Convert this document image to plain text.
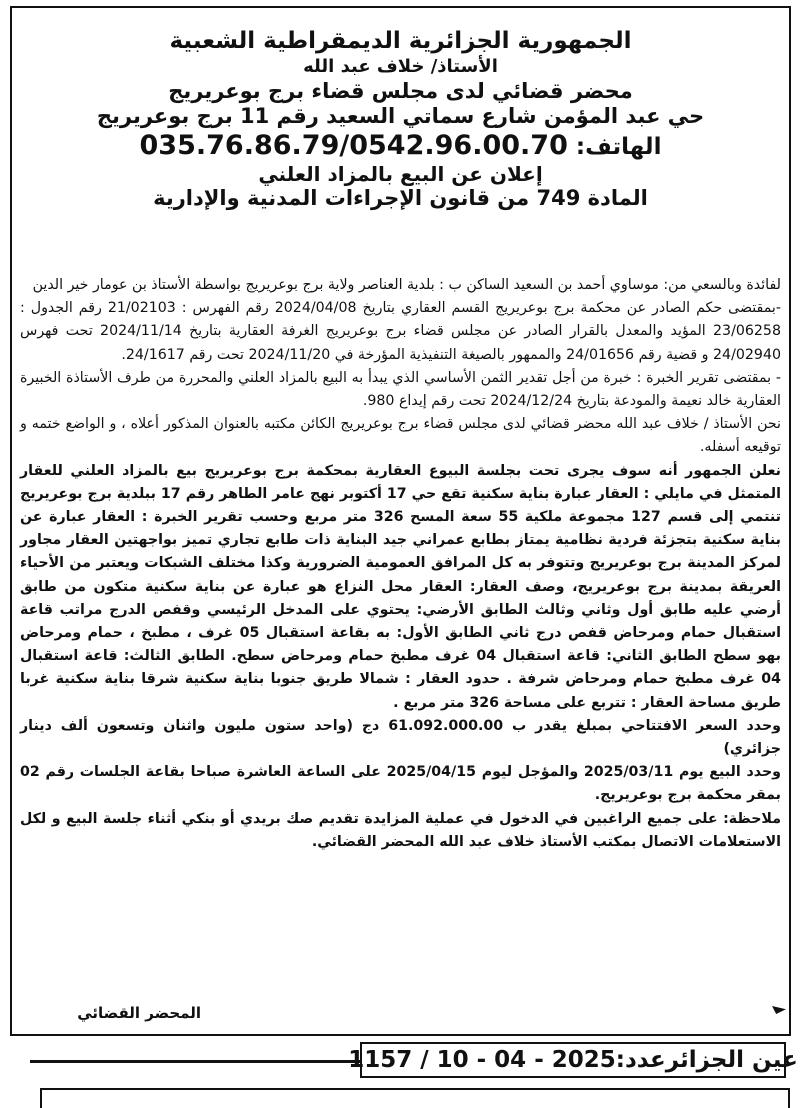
الجمهورية الجزائرية الديمقراطية الشعبية
الأستاذ/ خلاف عبد الله
محضر قضائي لدى مجلس قضاء برج بوعريريج
حي عبد المؤمن شارع سماتي السعيد رقم 11 برج بوعريريج
الهاتف: 035.76.86.79/0542.96.00.70
إعلان عن البيع بالمزاد العلني
المادة 749 من قانون الإجراءات المدنية والإدارية

لفائدة وبالسعي من: موساوي أحمد بن السعيد الساكن ب : بلدية العناصر ولاية برج بوعريريج بواسطة الأستاذ بن عومار خير الدين

-بمقتضى حكم الصادر عن محكمة برج بوعريريج القسم العقاري بتاريخ 2024/04/08 رقم الفهرس : 21/02103 رقم الجدول : 23/06258 المؤيد والمعدل بالقرار الصادر عن مجلس قضاء برج بوعريريج الغرفة العقارية بتاريخ 2024/11/14 تحت فهرس 24/02940 و قضية رقم 24/01656 والممهور بالصيغة التنفيذية المؤرخة في 2024/11/20 تحت رقم 24/1617.

- بمقتضى تقرير الخبرة : خبرة من أجل تقدير الثمن الأساسي الذي يبدأ به البيع بالمزاد العلني والمحررة من طرف الأستاذة الخبيرة العقارية خالد نعيمة والمودعة بتاريخ 2024/12/24 تحت رقم إيداع 980.

نحن الأستاذ / خلاف عبد الله محضر قضائي لدى مجلس قضاء برج بوعريريج الكائن مكتبه بالعنوان المذكور أعلاه ، و الواضع ختمه و توقيعه أسفله.

نعلن الجمهور أنه سوف يجرى تحت بجلسة البيوع العقارية بمحكمة برج بوعريريج بيع بالمزاد العلني للعقار المتمثل في مايلي : العقار عبارة بناية سكنية تقع حي 17 أكتوبر نهج عامر الطاهر رقم 17 ببلدية برج بوعريريج تنتمي إلى قسم 127 مجموعة ملكية 55 سعة المسح 326 متر مربع وحسب تقرير الخبرة : العقار عبارة عن بناية سكنية بتجزئة فردية نظامية يمتاز بطابع عمراني جيد البناية ذات طابع تجاري تميز بواجهتين العقار مجاور لمركز المدينة برج بوعريريج وتتوفر به كل المرافق العمومية الضرورية وكذا مختلف الشبكات ويعتبر من الأحياء العريقة بمدينة برج بوعريريج، وصف العقار: العقار محل النزاع هو عبارة عن بناية سكنية متكون من طابق أرضي عليه طابق أول وثاني وثالث الطابق الأرضي: يحتوي على المدخل الرئيسي وقفص الدرج مراتب قاعة استقبال حمام ومرحاض قفص درج ثاني الطابق الأول: به بقاعة استقبال 05 غرف ، مطبخ ، حمام ومرحاض بهو سطح الطابق الثاني: قاعة استقبال 04 غرف مطبخ حمام ومرحاض سطح. الطابق الثالث: قاعة استقبال 04 غرف مطبخ حمام ومرحاض شرفة . حدود العقار : شمالا طريق جنوبا بناية سكنية شرقا بناية سكنية غربا طريق مساحة العقار : تتربع على مساحة 326 متر مربع .

وحدد السعر الافتتاحي بمبلغ يقدر ب 61.092.000.00 دج (واحد ستون مليون واثنان وتسعون ألف دينار جزائري)

وحدد البيع يوم 2025/03/11 والمؤجل ليوم 2025/04/15 على الساعة العاشرة صباحا بقاعة الجلسات رقم 02 بمقر محكمة برج بوعريريج.

ملاحظة: على جميع الراغبين في الدخول في عملية المزايدة تقديم صك بريدي أو بنكي أثناء جلسة البيع و لكل الاستعلامات الاتصال بمكتب الأستاذ خلاف عبد الله المحضر القضائي.

المحضر القضائي
عين الجزائرعدد:
1157 / 10 - 04 - 2025
